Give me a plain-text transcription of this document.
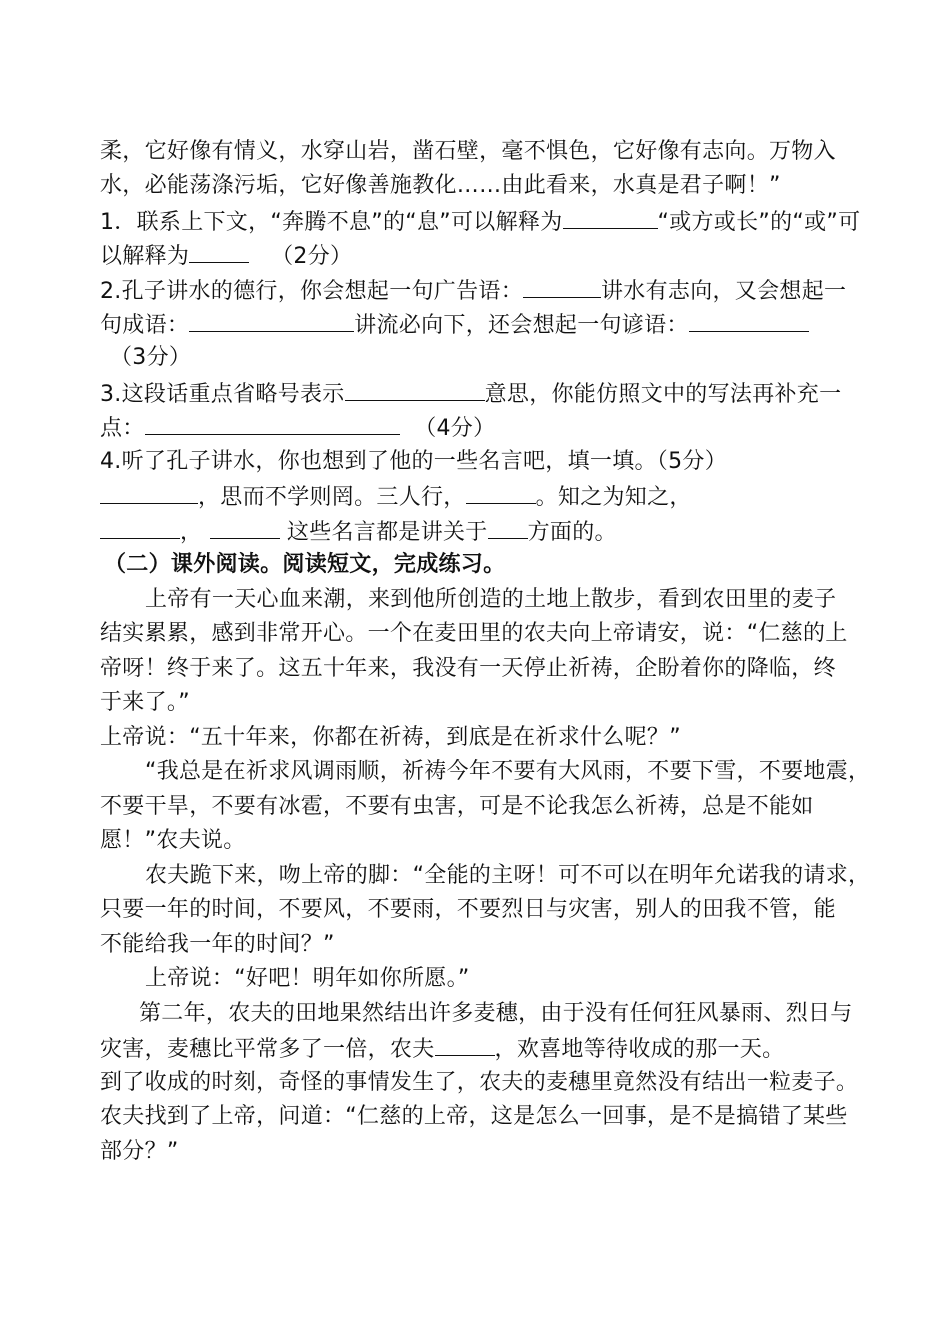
柔，它好像有情义，水穿山岩，凿石壁，毫不惧色，它好像有志向。万物入
水，必能荡涤污垢，它好像善施教化……由此看来，水真是君子啊！”
1．联系上下文，“奔腾不息”的“息”可以解释为	“或方或长”的“或”可
以解释为	（2分）
2.孔子讲水的德行，你会想起一句广告语：	讲水有志向，又会想起一
句成语：	讲流必向下，还会想起一句谚语：
（3分）
3.这段话重点省略号表示	意思，你能仿照文中的写法再补充一
点：	（4分）
4.听了孔子讲水，你也想到了他的一些名言吧，填一填。（5分）
，思而不学则罔。三人行，	。知之为知之，
，	这些名言都是讲关于 方面的。
（二）课外阅读。阅读短文，完成练习。
上帝有一天心血来潮，来到他所创造的土地上散步，看到农田里的麦子
结实累累，感到非常开心。一个在麦田里的农夫向上帝请安，说：“仁慈的上
帝呀！终于来了。这五十年来，我没有一天停止祈祷，企盼着你的降临，终
于来了。”
上帝说：“五十年来，你都在祈祷，到底是在祈求什么呢？”
“我总是在祈求风调雨顺，祈祷今年不要有大风雨，不要下雪，不要地震，
不要干旱，不要有冰雹，不要有虫害，可是不论我怎么祈祷，总是不能如
愿！”农夫说。
农夫跪下来，吻上帝的脚：“全能的主呀！可不可以在明年允诺我的请求，
只要一年的时间，不要风，不要雨，不要烈日与灾害，别人的田我不管，能
不能给我一年的时间？”
上帝说：“好吧！明年如你所愿。”
第二年，农夫的田地果然结出许多麦穗，由于没有任何狂风暴雨、烈日与
灾害，麦穗比平常多了一倍，农夫	，欢喜地等待收成的那一天。
到了收成的时刻，奇怪的事情发生了，农夫的麦穗里竟然没有结出一粒麦子。
农夫找到了上帝，问道：“仁慈的上帝，这是怎么一回事，是不是搞错了某些
部分？”
